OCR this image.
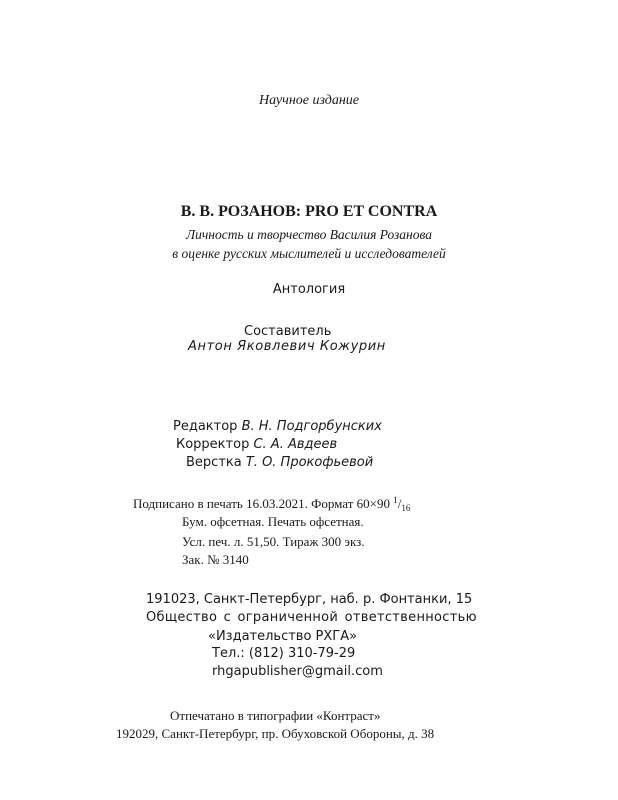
Научное издание
В. В. РОЗАНОВ: PRO ET CONTRA
Личность и творчество Василия Розанова
в оценке русских мыслителей и исследователей
Антология
Составитель
Антон Яковлевич Кожурин
Редактор В. Н. Подгорбунских
Корректор С. А. Авдеев
Верстка Т. О. Прокофьевой
Подписано в печать 16.03.2021. Формат 60×90 $^1/_{16}$
Бум. офсетная. Печать офсетная.
Усл. печ. л. 51,50. Тираж 300 экз.
Зак. № 3140
191023, Санкт-Петербург, наб. р. Фонтанки, 15
Общество с ограниченной ответственностью
«Издательство РХГА»
Тел.: (812) 310-79-29
rhgapublisher@gmail.com
Отпечатано в типографии «Контраст»
192029, Санкт-Петербург, пр. Обуховской Обороны, д. 38
